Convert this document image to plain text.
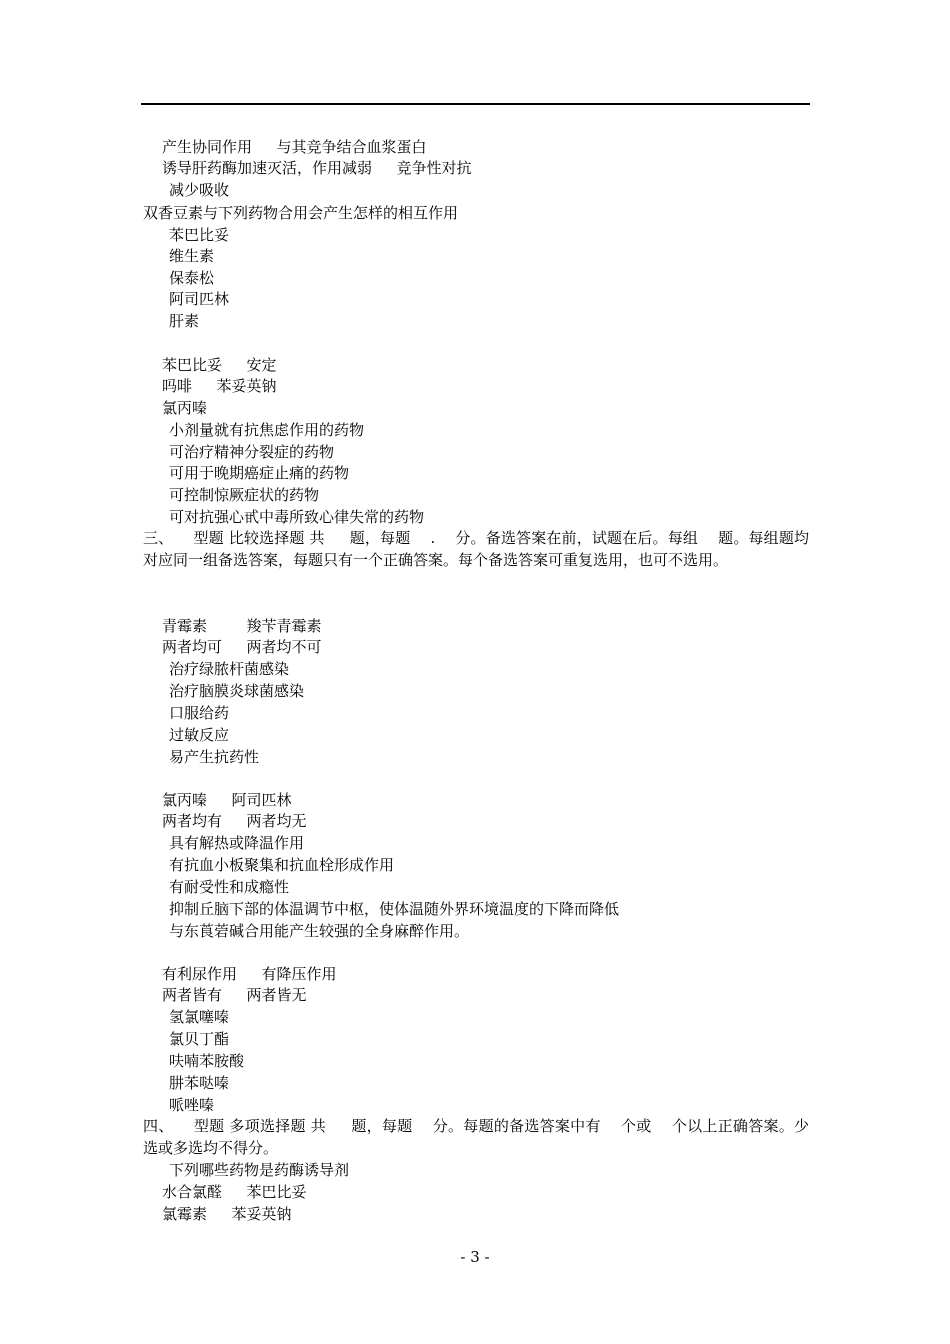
产生协同作用 　 与其竞争结合血浆蛋白
诱导肝药酶加速灭活，作用减弱 　 竞争性对抗
减少吸收
双香豆素与下列药物合用会产生怎样的相互作用
苯巴比妥
维生素
保泰松
阿司匹林
肝素
苯巴比妥 　 安定
吗啡 　 苯妥英钠
氯丙嗪
小剂量就有抗焦虑作用的药物
可治疗精神分裂症的药物
可用于晚期癌症止痛的药物
可控制惊厥症状的药物
可对抗强心甙中毒所致心律失常的药物
三、 　型题 比较选择题 共 　 题，每题 　. 　分。备选答案在前，试题在后。每组 　题。每组题均对应同一组备选答案，每题只有一个正确答案。每个备选答案可重复选用，也可不选用。
青霉素 　　 羧苄青霉素
两者均可 　 两者均不可
治疗绿脓杆菌感染
治疗脑膜炎球菌感染
口服给药
过敏反应
易产生抗药性
氯丙嗪 　 阿司匹林
两者均有 　 两者均无
具有解热或降温作用
有抗血小板聚集和抗血栓形成作用
有耐受性和成瘾性
抑制丘脑下部的体温调节中枢，使体温随外界环境温度的下降而降低
与东莨菪碱合用能产生较强的全身麻醉作用。
有利尿作用 　 有降压作用
两者皆有 　 两者皆无
氢氯噻嗪
氯贝丁酯
呋喃苯胺酸
肼苯哒嗪
哌唑嗪
四、 　型题 多项选择题 共 　 题，每题 　分。每题的备选答案中有 　个或 　个以上正确答案。少选或多选均不得分。
下列哪些药物是药酶诱导剂
水合氯醛 　 苯巴比妥
氯霉素 　 苯妥英钠
- 3 -
